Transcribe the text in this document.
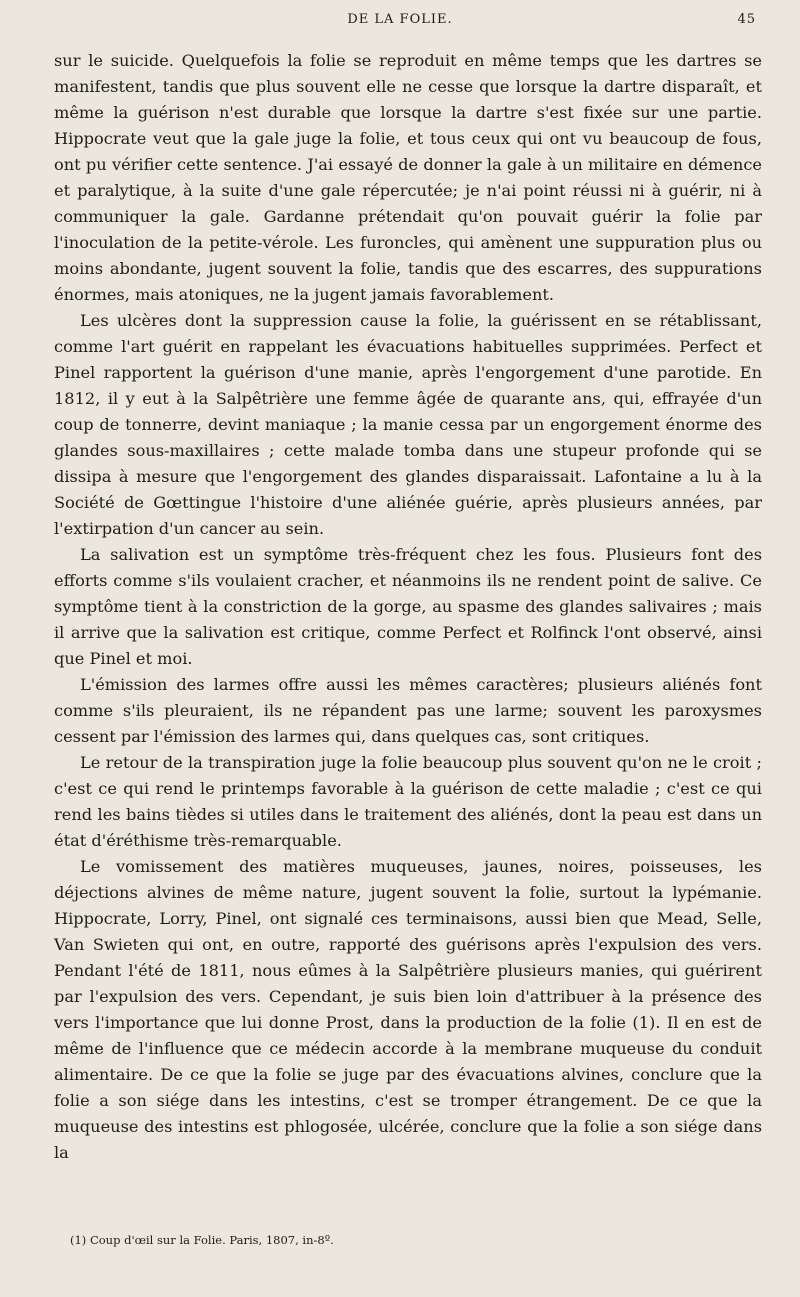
DE LA FOLIE.	45

sur le suicide. Quelquefois la folie se reproduit en même temps que les dartres se manifestent, tandis que plus souvent elle ne cesse que lorsque la dartre disparaît, et même la guérison n'est durable que lorsque la dartre s'est fixée sur une partie. Hippocrate veut que la gale juge la folie, et tous ceux qui ont vu beaucoup de fous, ont pu vérifier cette sentence. J'ai essayé de donner la gale à un militaire en démence et paralytique, à la suite d'une gale répercutée; je n'ai point réussi ni à guérir, ni à communiquer la gale. Gardanne prétendait qu'on pouvait guérir la folie par l'inoculation de la petite-vérole. Les furoncles, qui amènent une suppuration plus ou moins abondante, jugent souvent la folie, tandis que des escarres, des suppurations énormes, mais atoniques, ne la jugent jamais favorablement.

Les ulcères dont la suppression cause la folie, la guérissent en se rétablissant, comme l'art guérit en rappelant les évacuations habituelles supprimées. Perfect et Pinel rapportent la guérison d'une manie, après l'engorgement d'une parotide. En 1812, il y eut à la Salpêtrière une femme âgée de quarante ans, qui, effrayée d'un coup de tonnerre, devint maniaque ; la manie cessa par un engorgement énorme des glandes sous-maxillaires ; cette malade tomba dans une stupeur profonde qui se dissipa à mesure que l'engorgement des glandes disparaissait. Lafontaine a lu à la Société de Gœttingue l'histoire d'une aliénée guérie, après plusieurs années, par l'extirpation d'un cancer au sein.

La salivation est un symptôme très-fréquent chez les fous. Plusieurs font des efforts comme s'ils voulaient cracher, et néanmoins ils ne rendent point de salive. Ce symptôme tient à la constriction de la gorge, au spasme des glandes salivaires ; mais il arrive que la salivation est critique, comme Perfect et Rolfinck l'ont observé, ainsi que Pinel et moi.

L'émission des larmes offre aussi les mêmes caractères; plusieurs aliénés font comme s'ils pleuraient, ils ne répandent pas une larme; souvent les paroxysmes cessent par l'émission des larmes qui, dans quelques cas, sont critiques.

Le retour de la transpiration juge la folie beaucoup plus souvent qu'on ne le croit ; c'est ce qui rend le printemps favorable à la guérison de cette maladie ; c'est ce qui rend les bains tièdes si utiles dans le traitement des aliénés, dont la peau est dans un état d'éréthisme très-remarquable.

Le vomissement des matières muqueuses, jaunes, noires, poisseuses, les déjections alvines de même nature, jugent souvent la folie, surtout la lypémanie. Hippocrate, Lorry, Pinel, ont signalé ces terminaisons, aussi bien que Mead, Selle, Van Swieten qui ont, en outre, rapporté des guérisons après l'expulsion des vers. Pendant l'été de 1811, nous eûmes à la Salpêtrière plusieurs manies, qui guérirent par l'expulsion des vers. Cependant, je suis bien loin d'attribuer à la présence des vers l'importance que lui donne Prost, dans la production de la folie (1). Il en est de même de l'influence que ce médecin accorde à la membrane muqueuse du conduit alimentaire. De ce que la folie se juge par des évacuations alvines, conclure que la folie a son siége dans les intestins, c'est se tromper étrangement. De ce que la muqueuse des intestins est phlogosée, ulcérée, conclure que la folie a son siége dans la

(1) Coup d'œil sur la Folie. Paris, 1807, in-8º.
